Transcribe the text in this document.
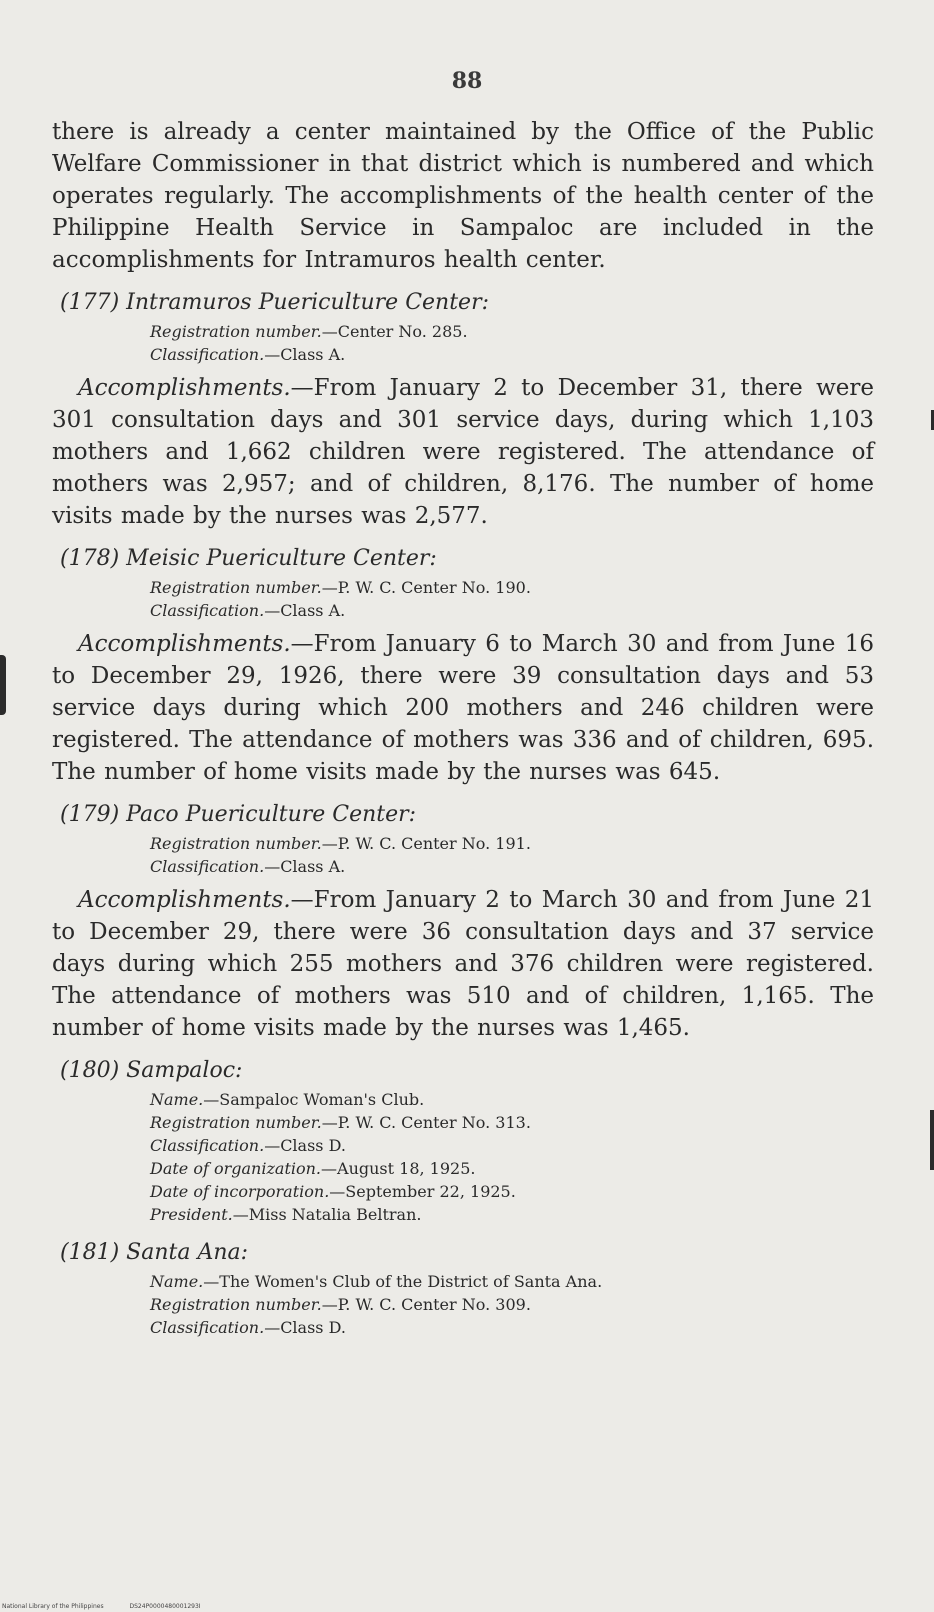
88

there is already a center maintained by the Office of the Public Welfare Commissioner in that district which is numbered and which operates regularly. The accomplishments of the health center of the Philippine Health Service in Sampaloc are included in the accomplishments for Intramuros health center.

(177) Intramuros Puericulture Center:
Registration number.—Center No. 285.
Classification.—Class A.

Accomplishments.—From January 2 to December 31, there were 301 consultation days and 301 service days, during which 1,103 mothers and 1,662 children were registered. The attendance of mothers was 2,957; and of children, 8,176. The number of home visits made by the nurses was 2,577.

(178) Meisic Puericulture Center:
Registration number.—P. W. C. Center No. 190.
Classification.—Class A.

Accomplishments.—From January 6 to March 30 and from June 16 to December 29, 1926, there were 39 consultation days and 53 service days during which 200 mothers and 246 children were registered. The attendance of mothers was 336 and of children, 695. The number of home visits made by the nurses was 645.

(179) Paco Puericulture Center:
Registration number.—P. W. C. Center No. 191.
Classification.—Class A.

Accomplishments.—From January 2 to March 30 and from June 21 to December 29, there were 36 consultation days and 37 service days during which 255 mothers and 376 children were registered. The attendance of mothers was 510 and of children, 1,165. The number of home visits made by the nurses was 1,465.

(180) Sampaloc:
Name.—Sampaloc Woman's Club.
Registration number.—P. W. C. Center No. 313.
Classification.—Class D.
Date of organization.—August 18, 1925.
Date of incorporation.—September 22, 1925.
President.—Miss Natalia Beltran.
(181) Santa Ana:
Name.—The Women's Club of the District of Santa Ana.
Registration number.—P. W. C. Center No. 309.
Classification.—Class D.
National Library of the Philippines	DS24P0000480001293I
